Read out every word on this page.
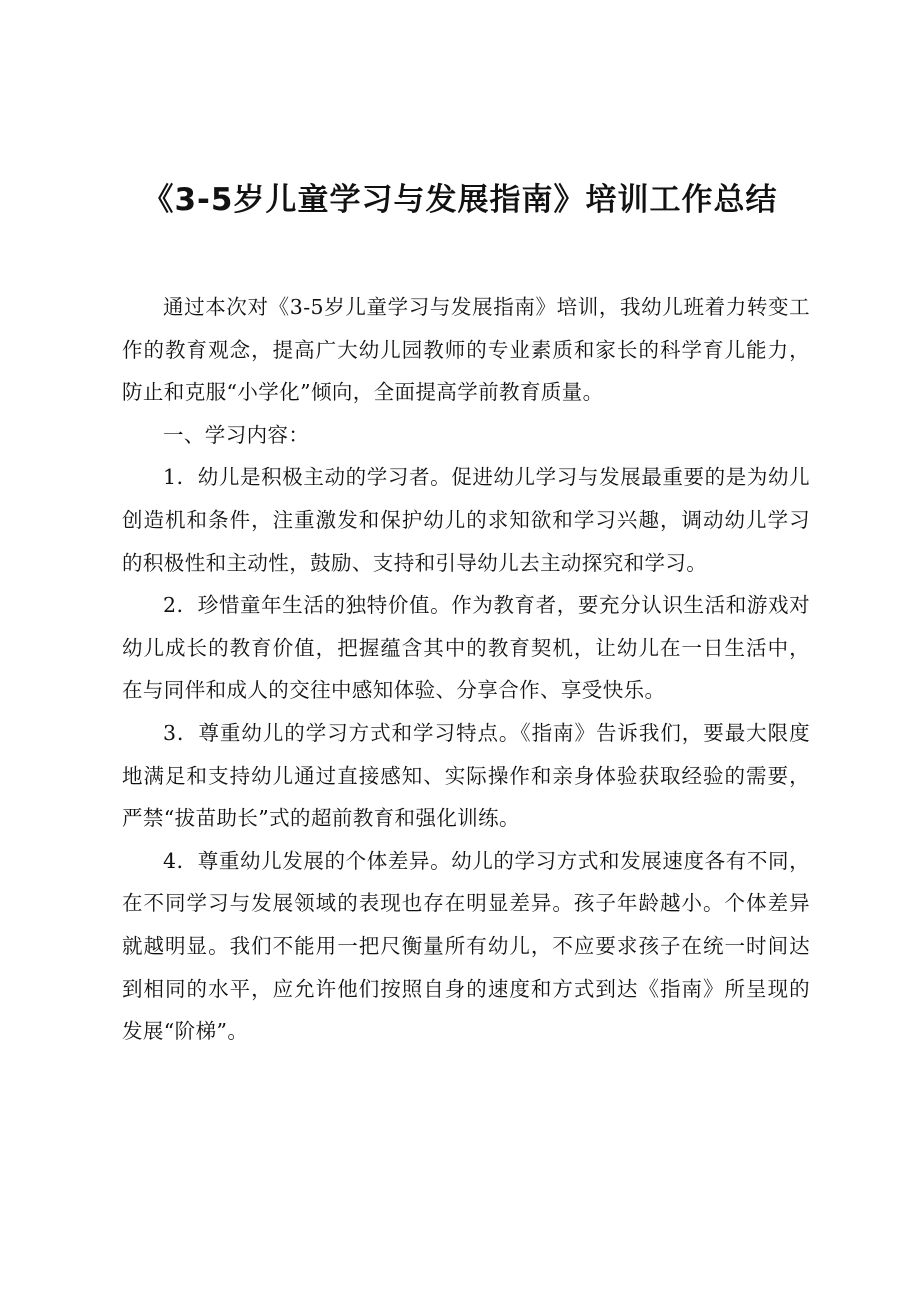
《3-5岁儿童学习与发展指南》培训工作总结

通过本次对《3-5岁儿童学习与发展指南》培训，我幼儿班着力转变工作的教育观念，提高广大幼儿园教师的专业素质和家长的科学育儿能力，防止和克服“小学化”倾向，全面提高学前教育质量。

一、学习内容：

1．幼儿是积极主动的学习者。促进幼儿学习与发展最重要的是为幼儿创造机和条件，注重激发和保护幼儿的求知欲和学习兴趣，调动幼儿学习的积极性和主动性，鼓励、支持和引导幼儿去主动探究和学习。

2．珍惜童年生活的独特价值。作为教育者，要充分认识生活和游戏对幼儿成长的教育价值，把握蕴含其中的教育契机，让幼儿在一日生活中，在与同伴和成人的交往中感知体验、分享合作、享受快乐。

3．尊重幼儿的学习方式和学习特点。《指南》告诉我们，要最大限度地满足和支持幼儿通过直接感知、实际操作和亲身体验获取经验的需要，严禁“拔苗助长”式的超前教育和强化训练。

4．尊重幼儿发展的个体差异。幼儿的学习方式和发展速度各有不同，在不同学习与发展领域的表现也存在明显差异。孩子年龄越小。个体差异就越明显。我们不能用一把尺衡量所有幼儿，不应要求孩子在统一时间达到相同的水平，应允许他们按照自身的速度和方式到达《指南》所呈现的发展“阶梯”。
